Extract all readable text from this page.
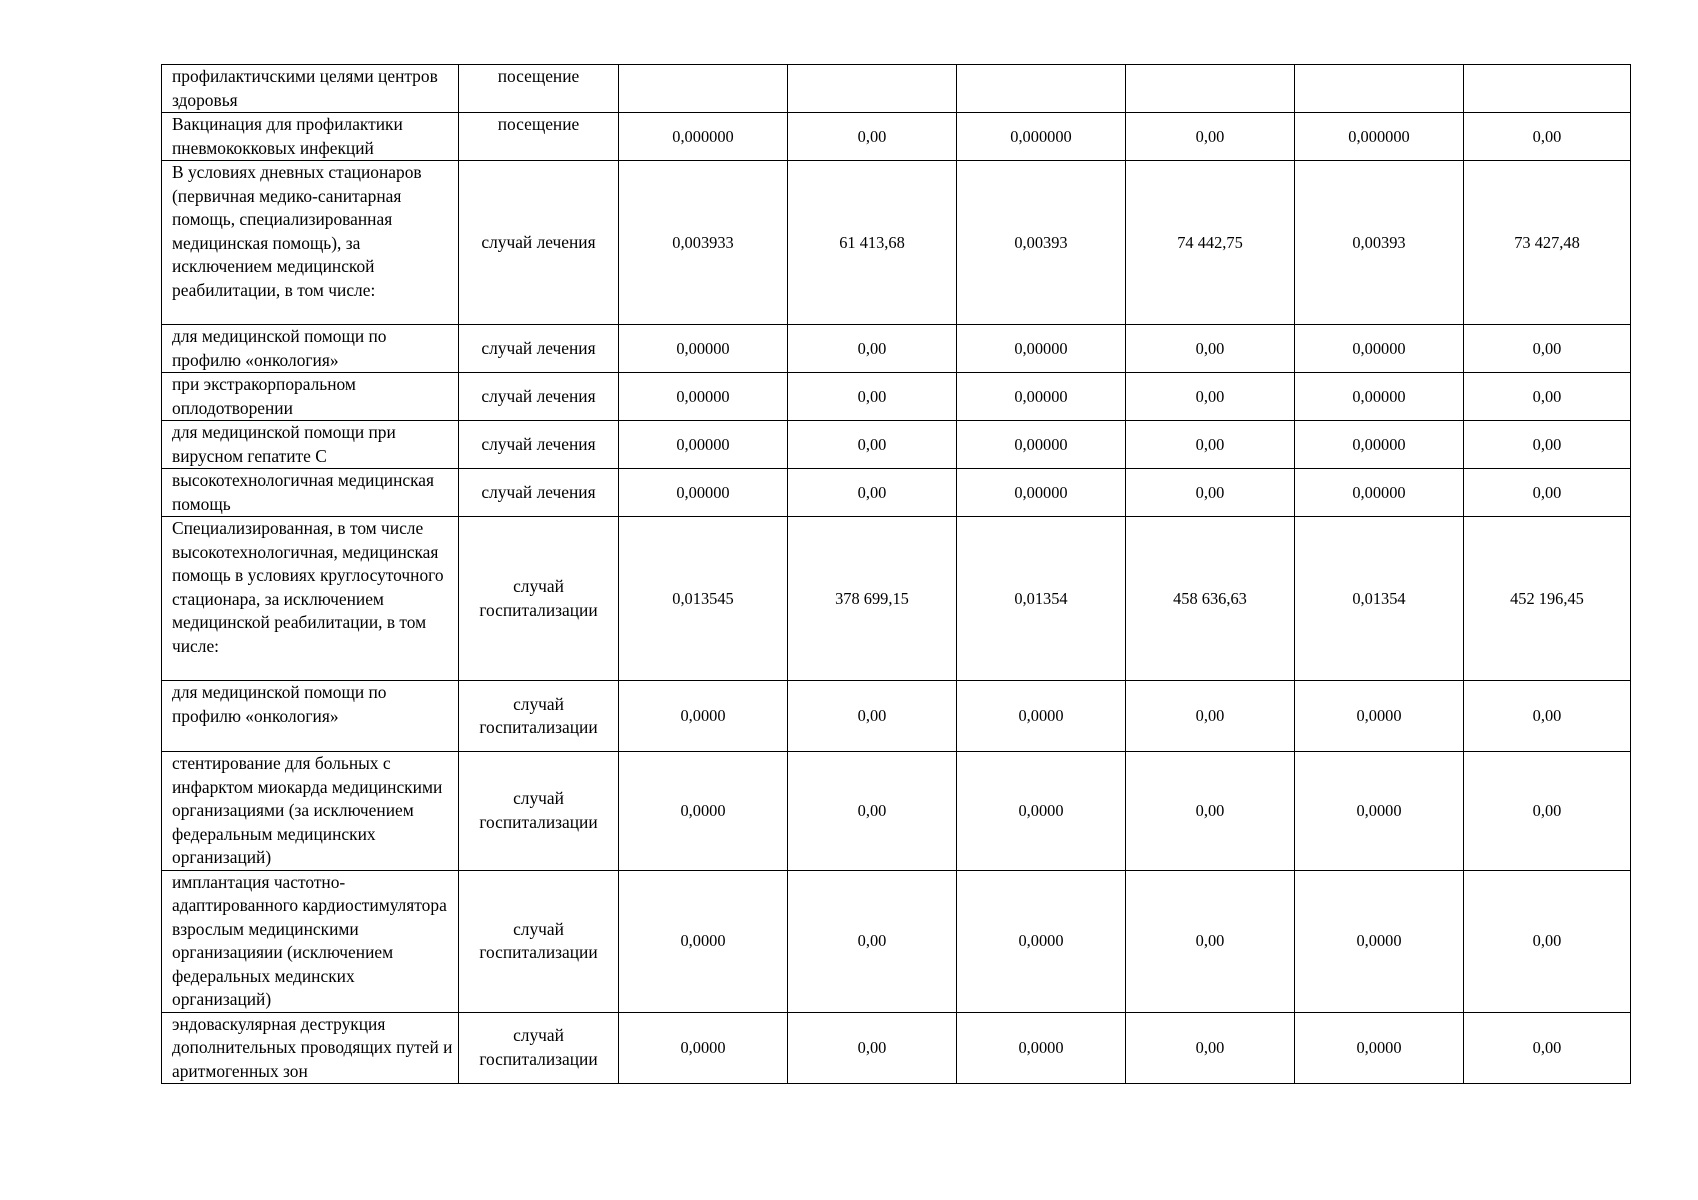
профилактичскими целями центров здоровья	посещение						
Вакцинация для профилактики пневмококковых инфекций	посещение	0,000000	0,00	0,000000	0,00	0,000000	0,00
В условиях дневных стационаров (первичная медико-санитарная помощь, специализированная медицинская помощь), за исключением медицинской реабилитации, в том числе:	случай лечения	0,003933	61 413,68	0,00393	74 442,75	0,00393	73 427,48
для медицинской помощи по профилю «онкология»	случай лечения	0,00000	0,00	0,00000	0,00	0,00000	0,00
при экстракорпоральном оплодотворении	случай лечения	0,00000	0,00	0,00000	0,00	0,00000	0,00
для медицинской помощи при вирусном гепатите С	случай лечения	0,00000	0,00	0,00000	0,00	0,00000	0,00
высокотехнологичная медицинская помощь	случай лечения	0,00000	0,00	0,00000	0,00	0,00000	0,00
Специализированная, в том числе высокотехнологичная, медицинская помощь в условиях круглосуточного стационара, за исключением медицинской реабилитации, в том числе:	случай госпитализации	0,013545	378 699,15	0,01354	458 636,63	0,01354	452 196,45
для медицинской помощи по профилю «онкология»	случай госпитализации	0,0000	0,00	0,0000	0,00	0,0000	0,00
стентирование для больных с инфарктом миокарда медицинскими организациями (за исключением федеральным медицинских организаций)	случай госпитализации	0,0000	0,00	0,0000	0,00	0,0000	0,00
имплантация частотно-адаптированного кардиостимулятора взрослым медицинскими организацияии (исключением федеральных мединских организаций)	случай госпитализации	0,0000	0,00	0,0000	0,00	0,0000	0,00
эндоваскулярная деструкция дополнительных проводящих путей и аритмогенных зон	случай госпитализации	0,0000	0,00	0,0000	0,00	0,0000	0,00
